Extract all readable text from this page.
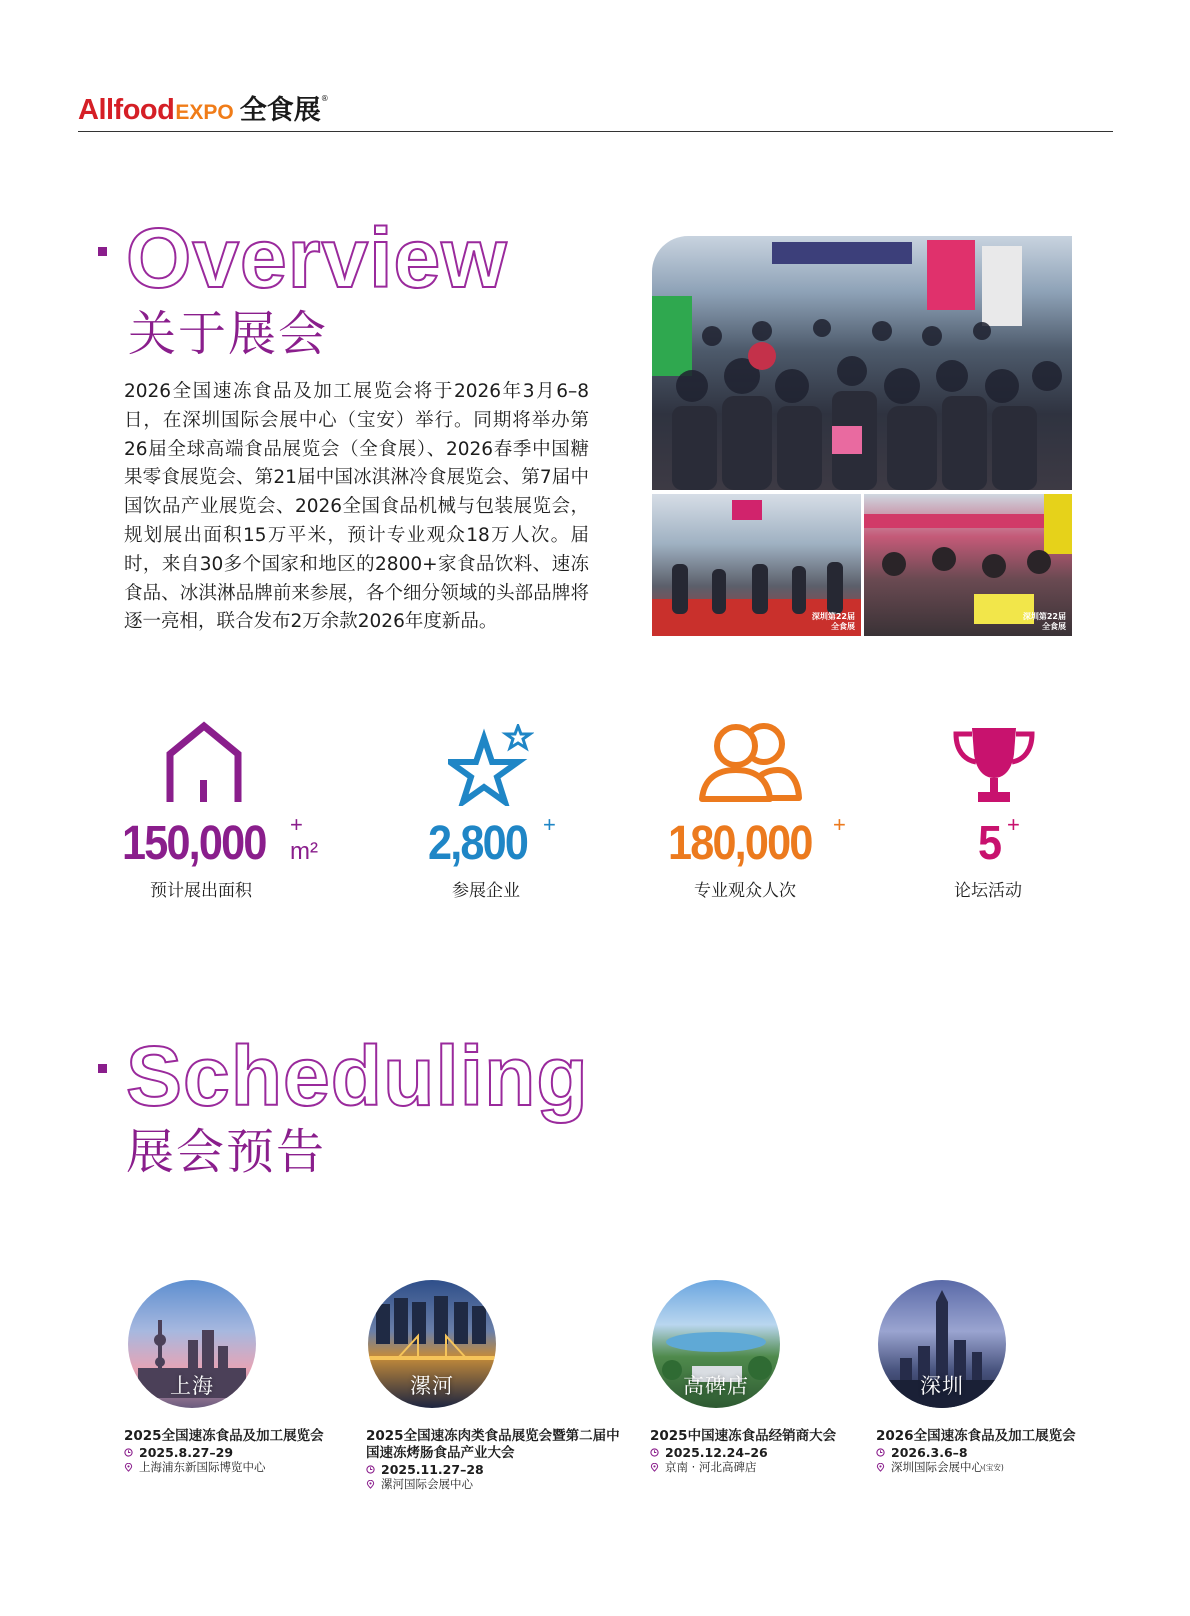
Allfood EXPO 全食展 ®
Overview
关于展会
2026全国速冻食品及加工展览会将于2026年3月6–8日，在深圳国际会展中心（宝安）举行。同期将举办第26届全球高端食品展览会（全食展）、2026春季中国糖果零食展览会、第21届中国冰淇淋冷食展览会、第7届中国饮品产业展览会、2026全国食品机械与包装展览会，规划展出面积15万平米，预计专业观众18万人次。届时，来自30多个国家和地区的2800+家食品饮料、速冻食品、冰淇淋品牌前来参展，各个细分领域的头部品牌将逐一亮相，联合发布2万余款2026年度新品。	深圳第22届
全食展
深圳第22届
全食展
150,000 +
m²
预计展出面积
2,800 +
参展企业
180,000 +
专业观众人次
5 +
论坛活动
Scheduling
展会预告
上海
2025全国速冻食品及加工展览会
2025.8.27–29
上海浦东新国际博览中心
漯河
2025全国速冻肉类食品展览会暨第二届中国速冻烤肠食品产业大会
2025.11.27–28
漯河国际会展中心
高碑店
2025中国速冻食品经销商大会
2025.12.24–26
京南 · 河北高碑店
深圳
2026全国速冻食品及加工展览会
2026.3.6–8
深圳国际会展中心 (宝安)
